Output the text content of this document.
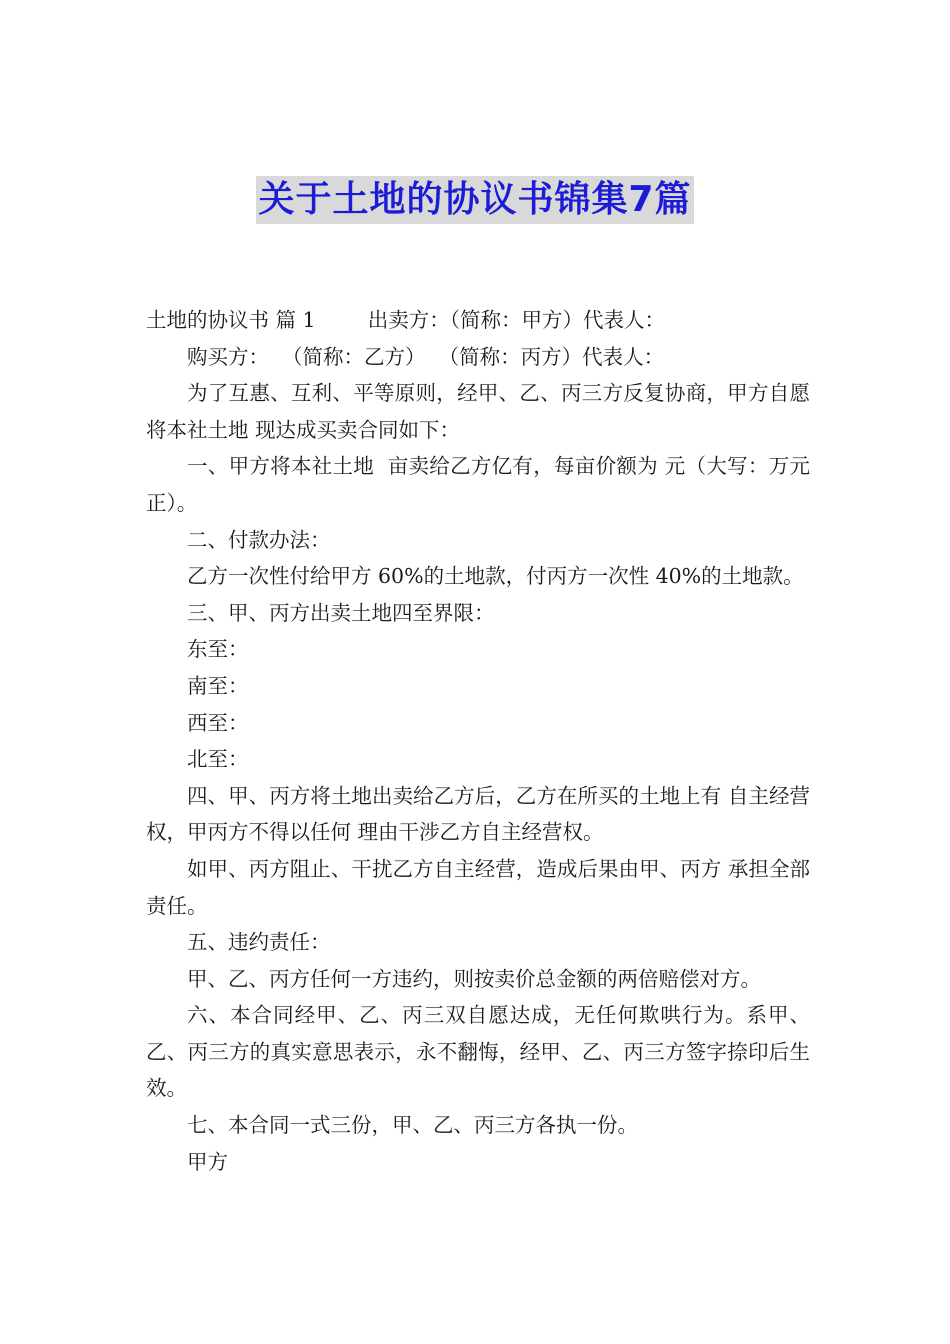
关于土地的协议书锦集7篇

土地的协议书 篇 1        出卖方：（简称：甲方）代表人：

购买方：  （简称：乙方）  （简称：丙方）代表人：

为了互惠、互利、平等原则，经甲、乙、丙三方反复协商，甲方自愿将本社土地 现达成买卖合同如下：

一、甲方将本社土地  亩卖给乙方亿有，每亩价额为 元（大写：万元正）。

二、付款办法：

乙方一次性付给甲方 60%的土地款，付丙方一次性 40%的土地款。

三、甲、丙方出卖土地四至界限：

东至：

南至：

西至：

北至：

四、甲、丙方将土地出卖给乙方后，乙方在所买的土地上有 自主经营权，甲丙方不得以任何 理由干涉乙方自主经营权。

如甲、丙方阻止、干扰乙方自主经营，造成后果由甲、丙方 承担全部责任。

五、违约责任：

甲、乙、丙方任何一方违约，则按卖价总金额的两倍赔偿对方。

六、本合同经甲、乙、丙三双自愿达成，无任何欺哄行为。系甲、乙、丙三方的真实意思表示，永不翻悔，经甲、乙、丙三方签字捺印后生效。

七、本合同一式三份，甲、乙、丙三方各执一份。

甲方
